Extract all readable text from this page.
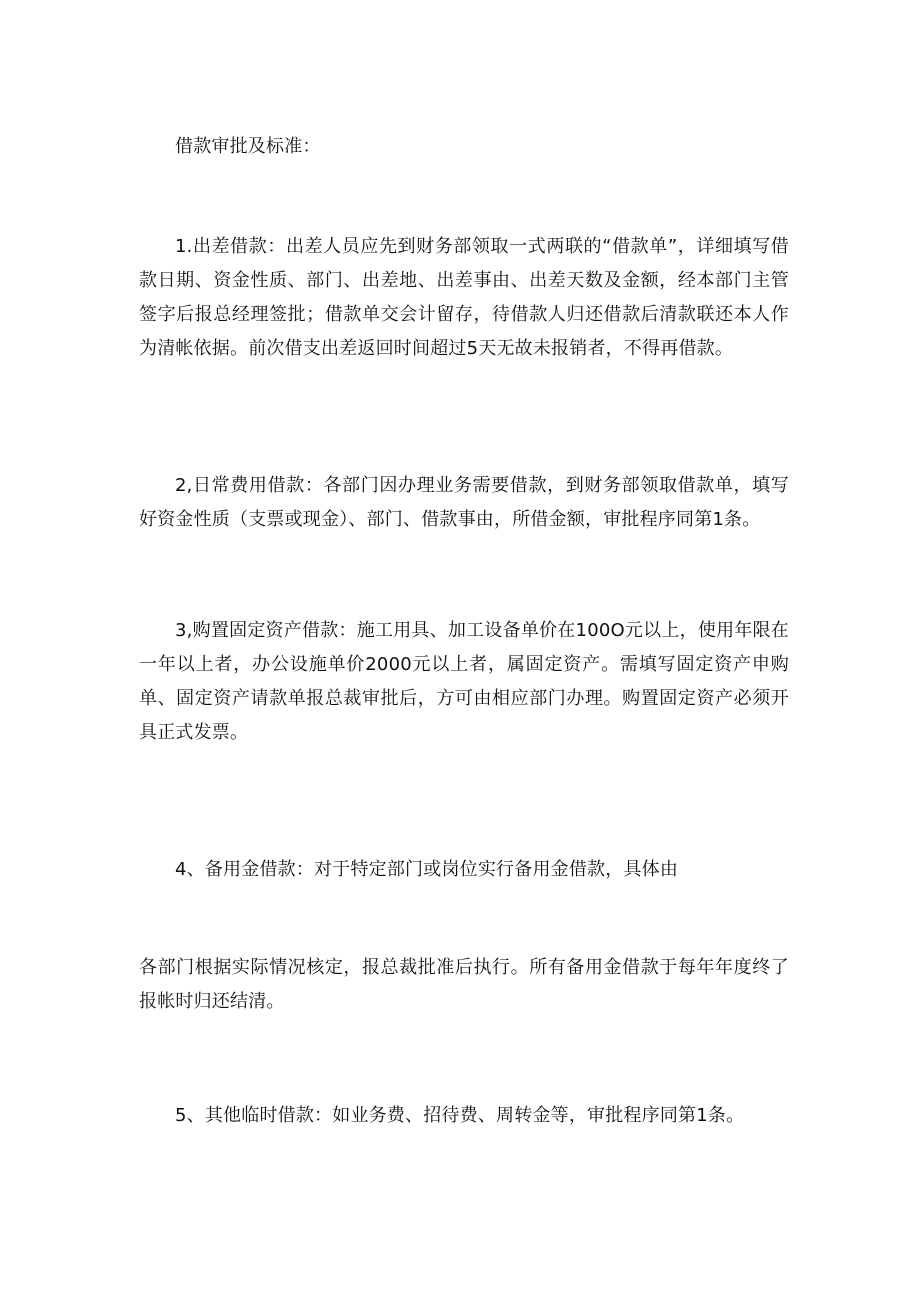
借款审批及标准：

1.出差借款：出差人员应先到财务部领取一式两联的“借款单”，详细填写借款日期、资金性质、部门、出差地、出差事由、出差天数及金额，经本部门主管签字后报总经理签批；借款单交会计留存，待借款人归还借款后清款联还本人作为清帐依据。前次借支出差返回时间超过5天无故未报销者，不得再借款。

2,日常费用借款：各部门因办理业务需要借款，到财务部领取借款单，填写好资金性质（支票或现金）、部门、借款事由，所借金额，审批程序同第1条。

3,购置固定资产借款：施工用具、加工设备单价在100O元以上，使用年限在一年以上者，办公设施单价2000元以上者，属固定资产。需填写固定资产申购单、固定资产请款单报总裁审批后，方可由相应部门办理。购置固定资产必须开具正式发票。

4、备用金借款：对于特定部门或岗位实行备用金借款，具体由

各部门根据实际情况核定，报总裁批准后执行。所有备用金借款于每年年度终了报帐时归还结清。

5、其他临时借款：如业务费、招待费、周转金等，审批程序同第1条。
